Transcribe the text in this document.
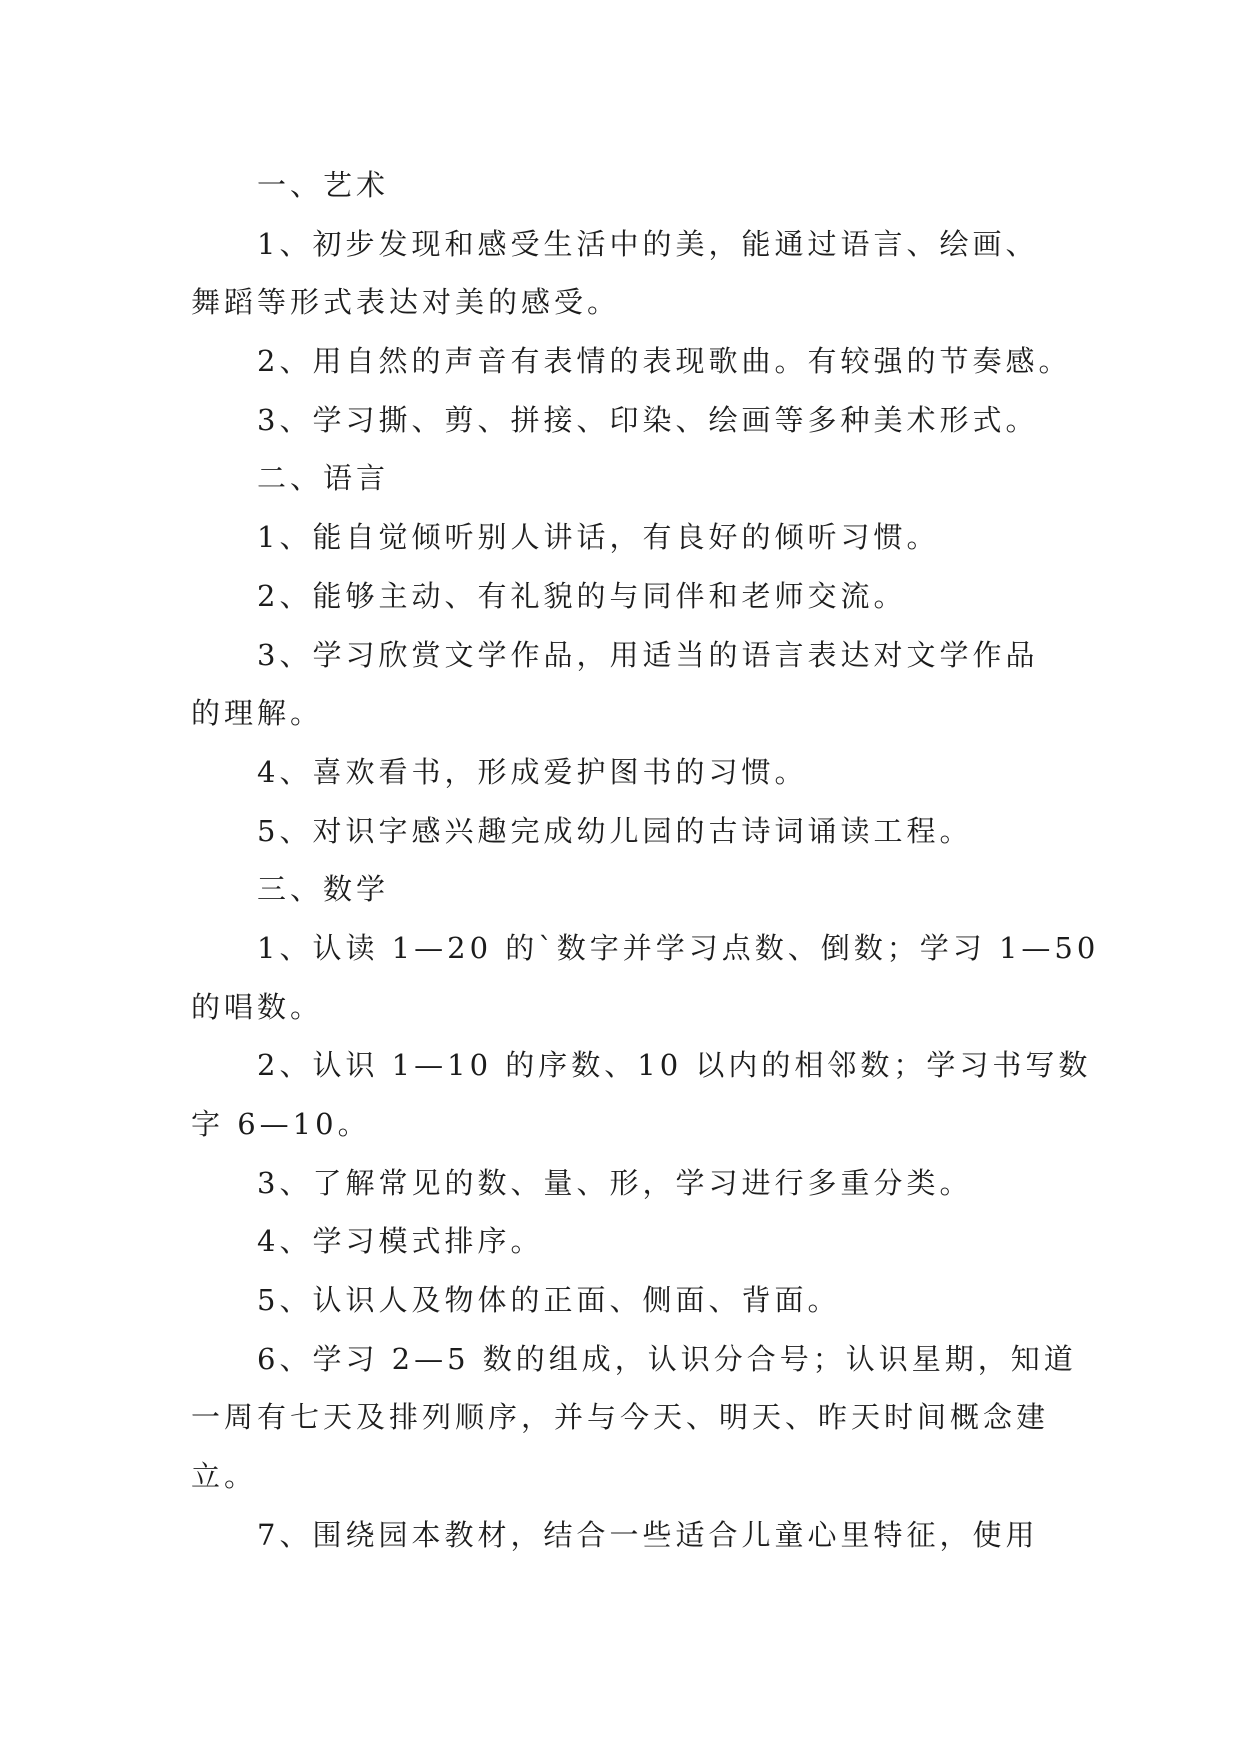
一、艺术
1、初步发现和感受生活中的美，能通过语言、绘画、
舞蹈等形式表达对美的感受。
2、用自然的声音有表情的表现歌曲。有较强的节奏感。
3、学习撕、剪、拼接、印染、绘画等多种美术形式。
二、语言
1、能自觉倾听别人讲话，有良好的倾听习惯。
2、能够主动、有礼貌的与同伴和老师交流。
3、学习欣赏文学作品，用适当的语言表达对文学作品
的理解。
4、喜欢看书，形成爱护图书的习惯。
5、对识字感兴趣完成幼儿园的古诗词诵读工程。
三、数学
1、认读 1—20 的`数字并学习点数、倒数；学习 1—50
的唱数。
2、认识 1—10 的序数、10 以内的相邻数；学习书写数
字 6—10。
3、了解常见的数、量、形，学习进行多重分类。
4、学习模式排序。
5、认识人及物体的正面、侧面、背面。
6、学习 2—5 数的组成，认识分合号；认识星期，知道
一周有七天及排列顺序，并与今天、明天、昨天时间概念建
立。
7、围绕园本教材，结合一些适合儿童心里特征，使用
